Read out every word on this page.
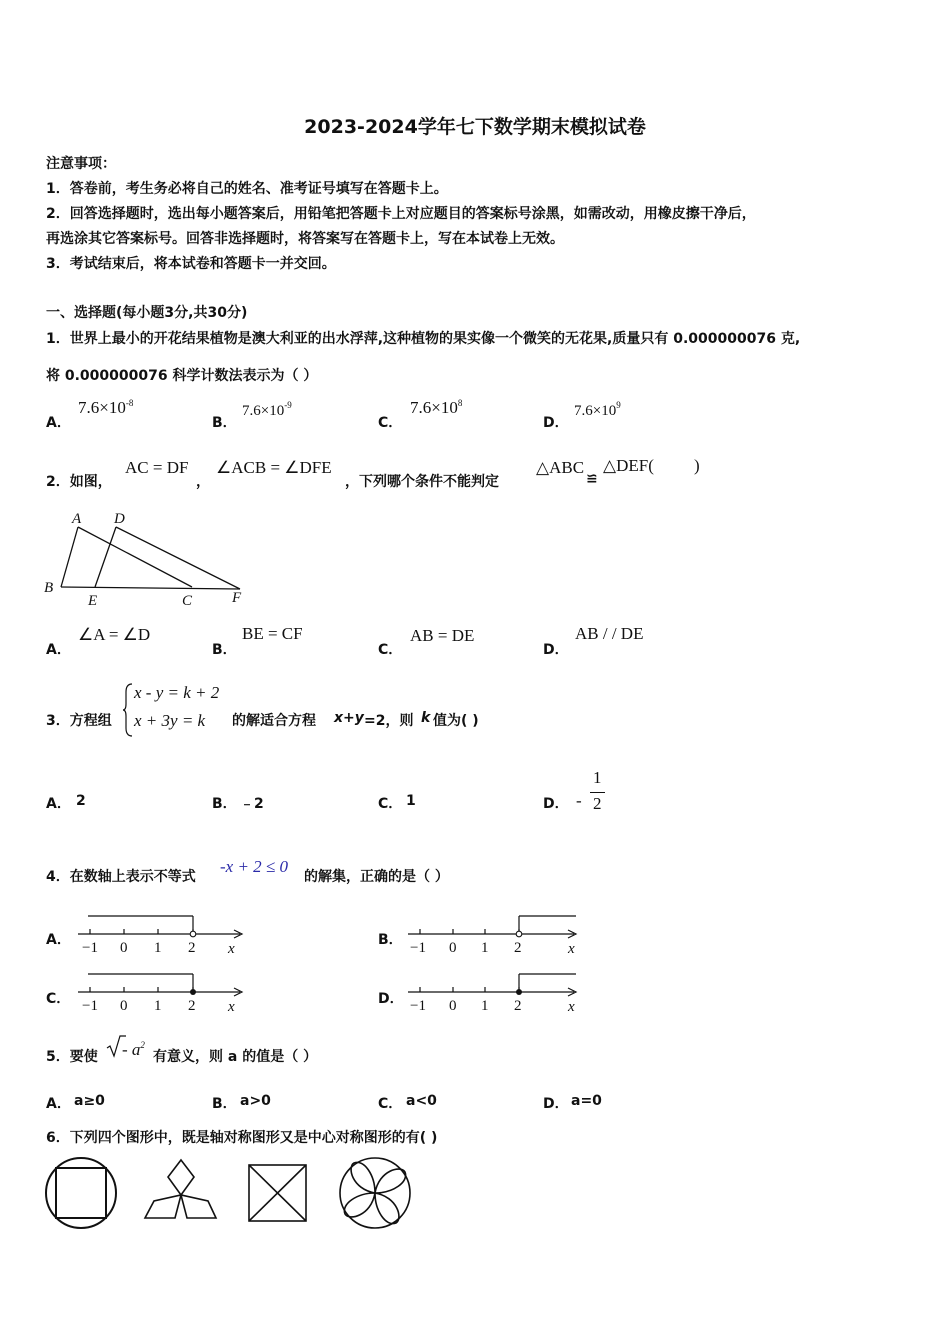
2023-2024学年七下数学期末模拟试卷
注意事项：
1．答卷前，考生务必将自己的姓名、准考证号填写在答题卡上。
2．回答选择题时，选出每小题答案后，用铅笔把答题卡上对应题目的答案标号涂黑，如需改动，用橡皮擦干净后，
再选涂其它答案标号。回答非选择题时，将答案写在答题卡上，写在本试卷上无效。
3．考试结束后，将本试卷和答题卡一并交回。
一、选择题(每小题3分,共30分)
1．世界上最小的开花结果植物是澳大利亚的出水浮萍,这种植物的果实像一个微笑的无花果,质量只有 0.000000076 克,
将 0.000000076 科学计数法表示为（ ）
A．
$7.6\times 10^{-8}$
B．
$7.6\times 10^{-9}$
C．
$7.6\times 10^8$
D．
$7.6\times 10^9$
2．如图，
AC = DF
，
∠ACB = ∠DFE
，下列哪个条件不能判定
△ABC
≌
△DEF( )
A D
B
E	C	F
A．
∠A = ∠D
B．
BE = CF
C．
AB = DE
D．
AB / / DE
3．方程组
x - y = k + 2
x + 3y = k 的解适合方程 x+y =2，则 k 值为( )
A． 2	B． ﹣2	C． 1	D． -
1
2
4．在数轴上表示不等式
-x + 2 ≤ 0
的解集，正确的是（ ）
A． −1 0 1 2 x
B． −1 0 1 2	x
C． −1 0 1 2 x	D． −1 0 1 2	x
5．要使 - $a^2$
有意义，则 a 的值是（ ）
A． a≥0	B． a>0	C． a<0	D． a=0
6．下列四个图形中，既是轴对称图形又是中心对称图形的有( )
